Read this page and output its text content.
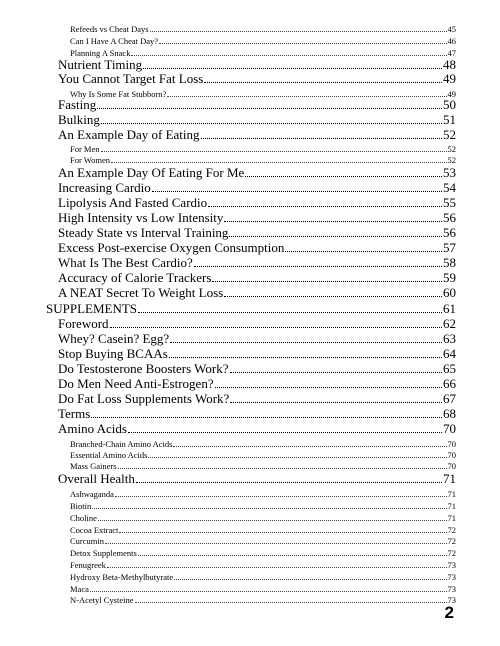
Refeeds vs Cheat Days	45
Can I Have A Cheat Day?	46
Planning A Snack	47
Nutrient Timing	48
You Cannot Target Fat Loss	49
Why Is Some Fat Stubborn?	49
Fasting	50
Bulking	51
An Example Day of Eating	52
For Men	52
For Women	52
An Example Day Of Eating For Me	53
Increasing Cardio	54
Lipolysis And Fasted Cardio	55
High Intensity vs Low Intensity	56
Steady State vs Interval Training	56
Excess Post-exercise Oxygen Consumption	57
What Is The Best Cardio?	58
Accuracy of Calorie Trackers	59
A NEAT Secret To Weight Loss	60
SUPPLEMENTS	61
Foreword	62
Whey? Casein? Egg?	63
Stop Buying BCAAs	64
Do Testosterone Boosters Work?	65
Do Men Need Anti-Estrogen?	66
Do Fat Loss Supplements Work?	67
Terms	68
Amino Acids	70
Branched-Chain Amino Acids	70
Essential Amino Acids	70
Mass Gainers	70
Overall Health	71
Ashwaganda	71
Biotin	71
Choline	71
Cocoa Extract	72
Curcumin	72
Detox Supplements	72
Fenugreek	73
Hydroxy Beta-Methylbutyrate	73
Maca	73
N-Acetyl Cysteine	73
2
